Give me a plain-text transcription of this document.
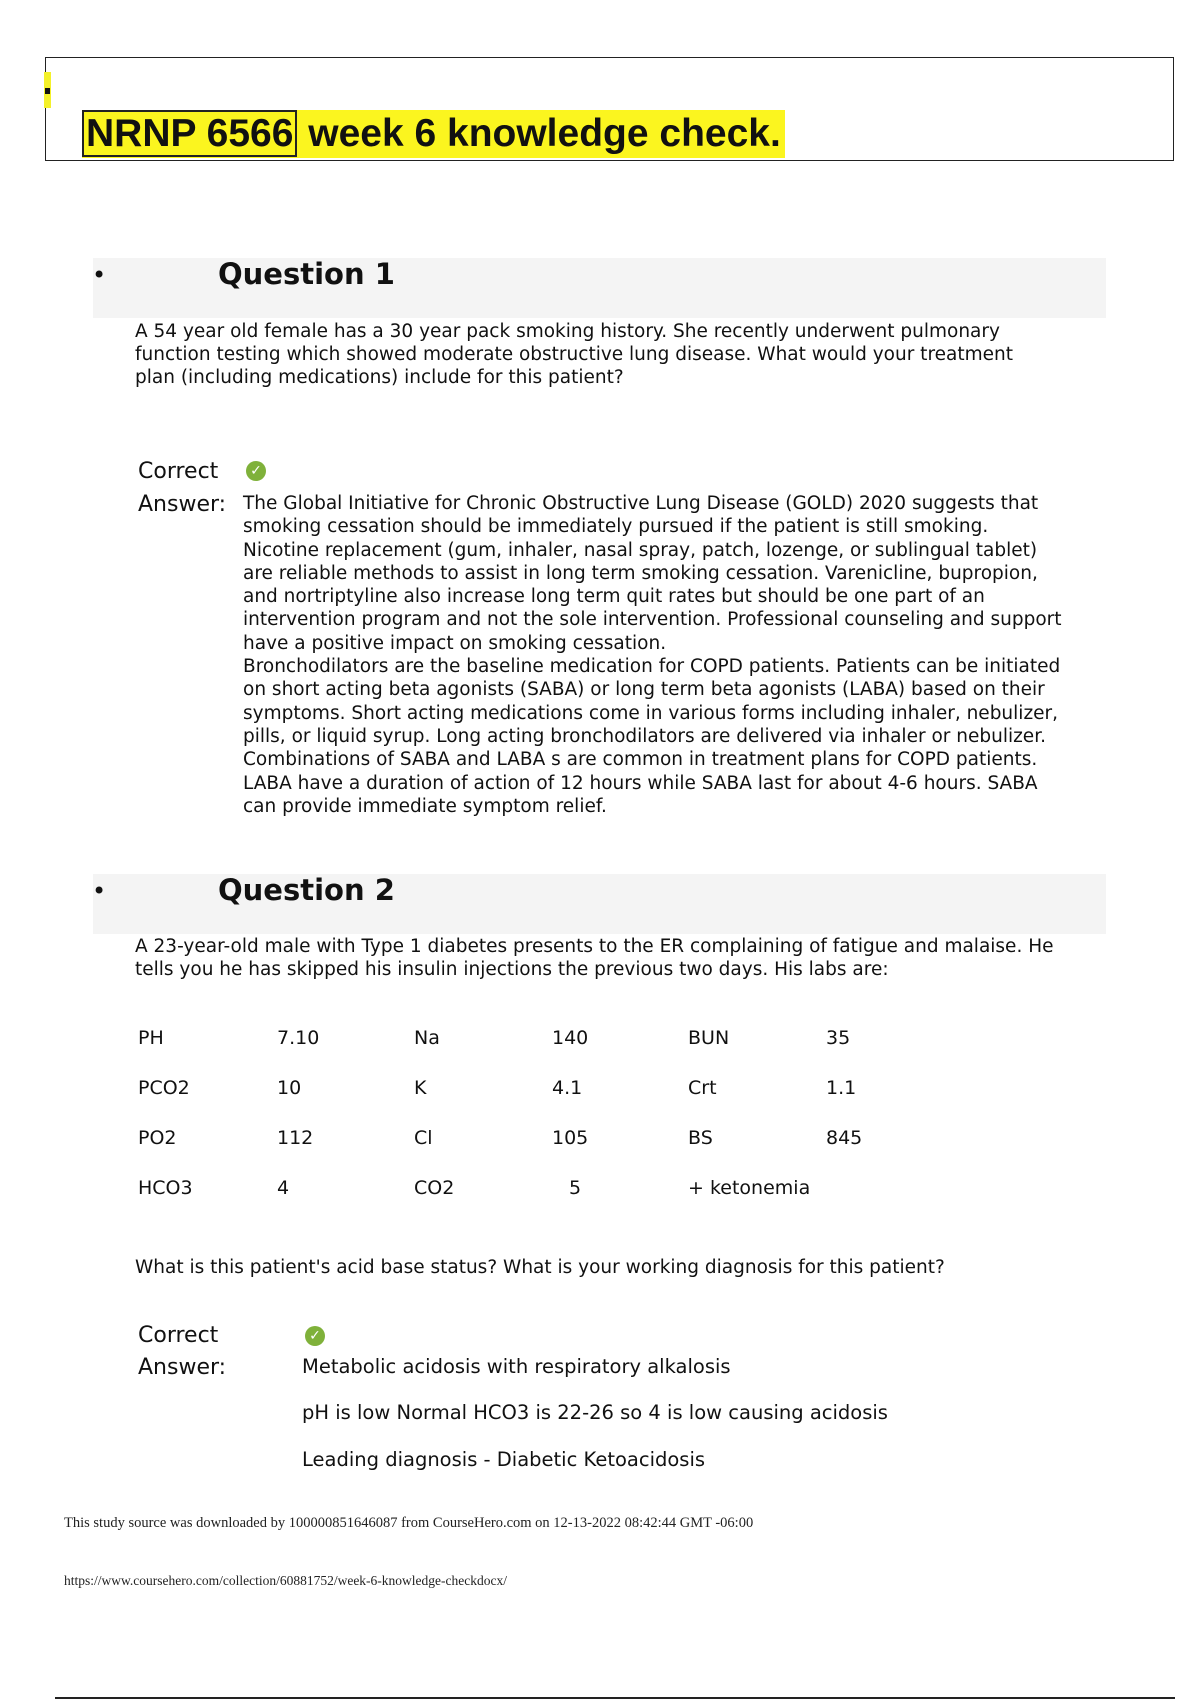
NRNP 6566 week 6 knowledge check.
•	Question 1
A 54 year old female has a 30 year pack smoking history. She recently underwent pulmonary function testing which showed moderate obstructive lung disease. What would your treatment plan (including medications) include for this patient?
Correct ✓
Answer: The Global Initiative for Chronic Obstructive Lung Disease (GOLD) 2020 suggests that smoking cessation should be immediately pursued if the patient is still smoking. Nicotine replacement (gum, inhaler, nasal spray, patch, lozenge, or sublingual tablet) are reliable methods to assist in long term smoking cessation. Varenicline, bupropion, and nortriptyline also increase long term quit rates but should be one part of an intervention program and not the sole intervention. Professional counseling and support have a positive impact on smoking cessation.

Bronchodilators are the baseline medication for COPD patients. Patients can be initiated on short acting beta agonists (SABA) or long term beta agonists (LABA) based on their symptoms. Short acting medications come in various forms including inhaler, nebulizer, pills, or liquid syrup. Long acting bronchodilators are delivered via inhaler or nebulizer. Combinations of SABA and LABA s are common in treatment plans for COPD patients. LABA have a duration of action of 12 hours while SABA last for about 4-6 hours. SABA can provide immediate symptom relief.

•	Question 2
A 23-year-old male with Type 1 diabetes presents to the ER complaining of fatigue and malaise. He tells you he has skipped his insulin injections the previous two days. His labs are:
PH	7.10	Na	140	BUN	35
PCO2	10	K	4.1	Crt	1.1
PO2	112	Cl	105	BS	845
HCO3	4	CO2	5	+ ketonemia
What is this patient's acid base status? What is your working diagnosis for this patient?
Correct	✓
Answer:	Metabolic acidosis with respiratory alkalosis
pH is low Normal HCO3 is 22-26 so 4 is low causing acidosis
Leading diagnosis - Diabetic Ketoacidosis
This study source was downloaded by 100000851646087 from CourseHero.com on 12-13-2022 08:42:44 GMT -06:00
https://www.coursehero.com/collection/60881752/week-6-knowledge-checkdocx/
